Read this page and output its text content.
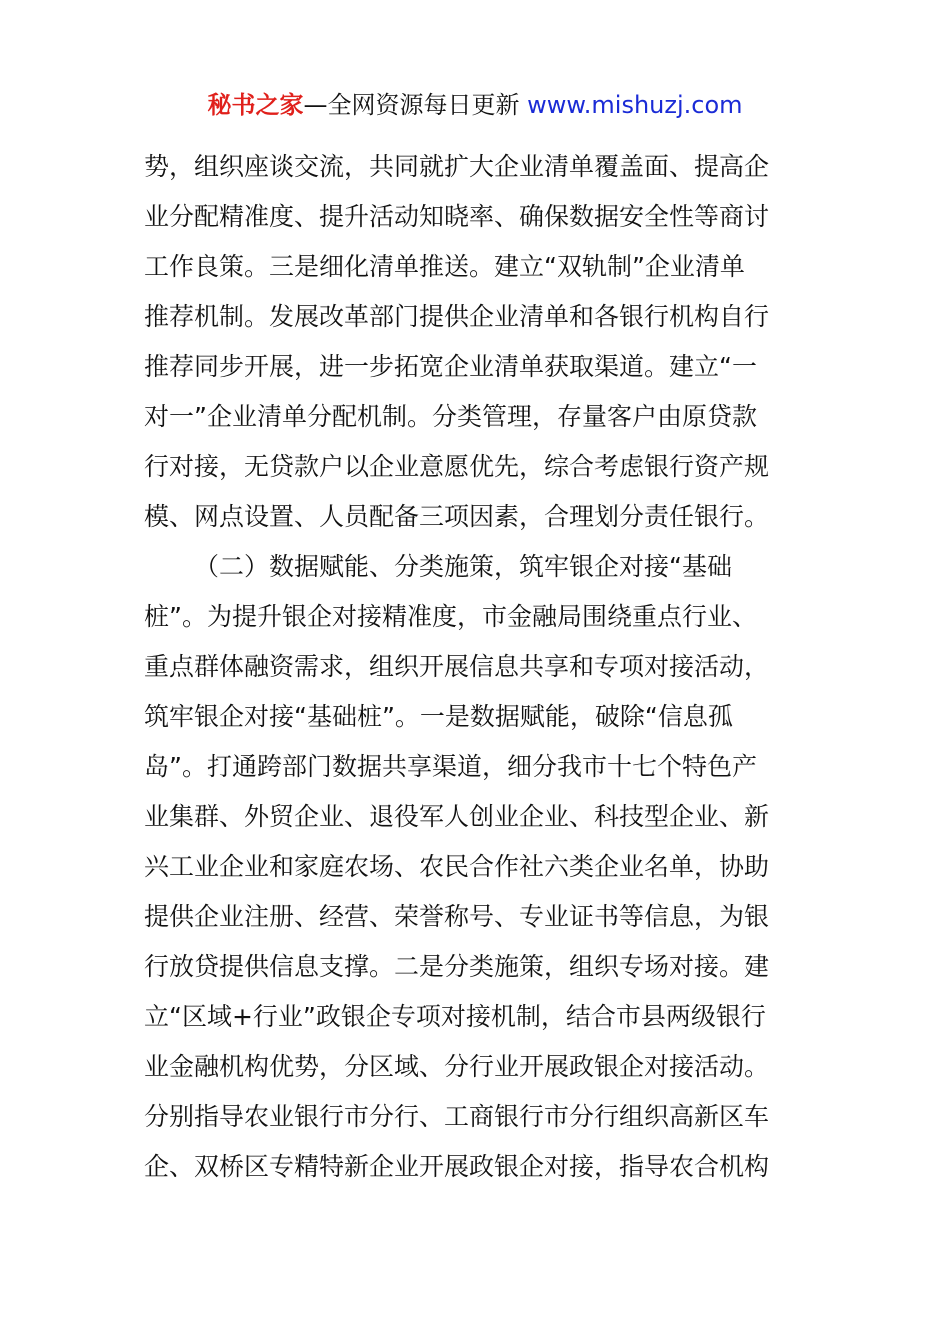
秘书之家—全网资源每日更新 www.mishuzj.com
势，组织座谈交流，共同就扩大企业清单覆盖面、提高企
业分配精准度、提升活动知晓率、确保数据安全性等商讨
工作良策。三是细化清单推送。建立“双轨制”企业清单
推荐机制。发展改革部门提供企业清单和各银行机构自行
推荐同步开展，进一步拓宽企业清单获取渠道。建立“一
对一”企业清单分配机制。分类管理，存量客户由原贷款
行对接，无贷款户以企业意愿优先，综合考虑银行资产规
模、网点设置、人员配备三项因素，合理划分责任银行。
（二）数据赋能、分类施策，筑牢银企对接“基础
桩”。为提升银企对接精准度，市金融局围绕重点行业、
重点群体融资需求，组织开展信息共享和专项对接活动，
筑牢银企对接“基础桩”。一是数据赋能，破除“信息孤
岛”。打通跨部门数据共享渠道，细分我市十七个特色产
业集群、外贸企业、退役军人创业企业、科技型企业、新
兴工业企业和家庭农场、农民合作社六类企业名单，协助
提供企业注册、经营、荣誉称号、专业证书等信息，为银
行放贷提供信息支撑。二是分类施策，组织专场对接。建
立“区域+行业”政银企专项对接机制，结合市县两级银行
业金融机构优势，分区域、分行业开展政银企对接活动。
分别指导农业银行市分行、工商银行市分行组织高新区车
企、双桥区专精特新企业开展政银企对接，指导农合机构
